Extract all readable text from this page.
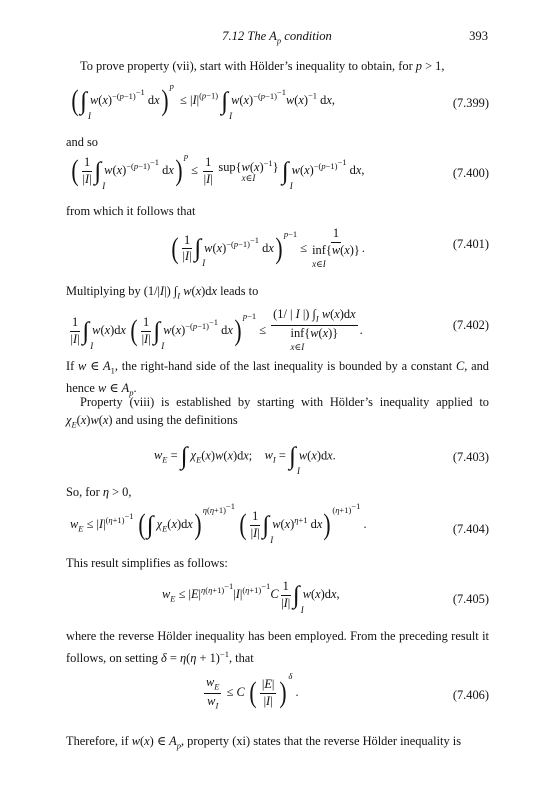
7.12 The $A_p$ condition	393
To prove property (vii), start with Hölder’s inequality to obtain, for p > 1,
(∫
I
$w(x)^{-(p-1)^{-1}}$ $dx)^p \le |I|^{(p-1)}$ ∫
I
$w(x)^{-(p-1)^{-1}}w(x)^{-1}$ dx,	(7.399)
and so
( $\frac{1}{|I|}$ ∫
I
$w(x)^{-(p-1)^{-1}}$ $dx)^p \le \frac{1}{|I|}$
$sup\{w(x)^{-1}\}$
x∈I ∫
I
$w(x)^{-(p-1)^{-1}}$ dx,	(7.400)
from which it follows that
( $\frac{1}{|I|}$ ∫
I
$w(x)^{-(p-1)^{-1}}$ dx)$^{p-1}$ ≤
1
inf{w(x)}
x∈I
.	(7.401)
Multiplying by (1/|I|) $\int_I$ w(x)dx leads to
$\frac{1}{|I|}$ ∫
I
w(x)dx ( $\frac{1}{|I|}$ ∫
I
$w(x)^{-(p-1)^{-1}}$ dx)$^{p-1}$ ≤
(1/ | I |) $\int_I$ w(x)dx
inf{w(x)}
x∈I
.	(7.402)
If w ∈ $A_1$, the right-hand side of the last inequality is bounded by a constant C, and hence w ∈ $A_p$.
Property (viii) is established by starting with Hölder’s inequality applied to $\chi_E(x)w(x)$ and using the definitions
$w_E$ = ∫ $\chi_E(x)w(x)dx$;    $w_I$ = ∫
I
w(x)dx.	(7.403)
So, for η > 0,
$w_E \le |I|^{(\eta+1)^{-1}}$ (∫ $\chi_E(x)dx)^{\eta(\eta+1)^{-1}}$ ( $\frac{1}{|I|}$ ∫
I
$w(x)^{\eta+1}$ dx)$^{(\eta+1)^{-1}}$ .	(7.404)
This result simplifies as follows:
$w_E \le |E|^{\eta(\eta+1)^{-1}}|I|^{(\eta+1)^{-1}}C \frac{1}{|I|}$ ∫
I
w(x)dx,	(7.405)
where the reverse Hölder inequality has been employed. From the preceding result it follows, on setting $\delta = \eta(\eta + 1)^{-1}$, that
$\frac{w_E}{w_I} \le C$ ( $\frac{|E|}{|I|} )^\delta$ .	(7.406)
Therefore, if w(x) ∈ $A_p$, property (xi) states that the reverse Hölder inequality is
